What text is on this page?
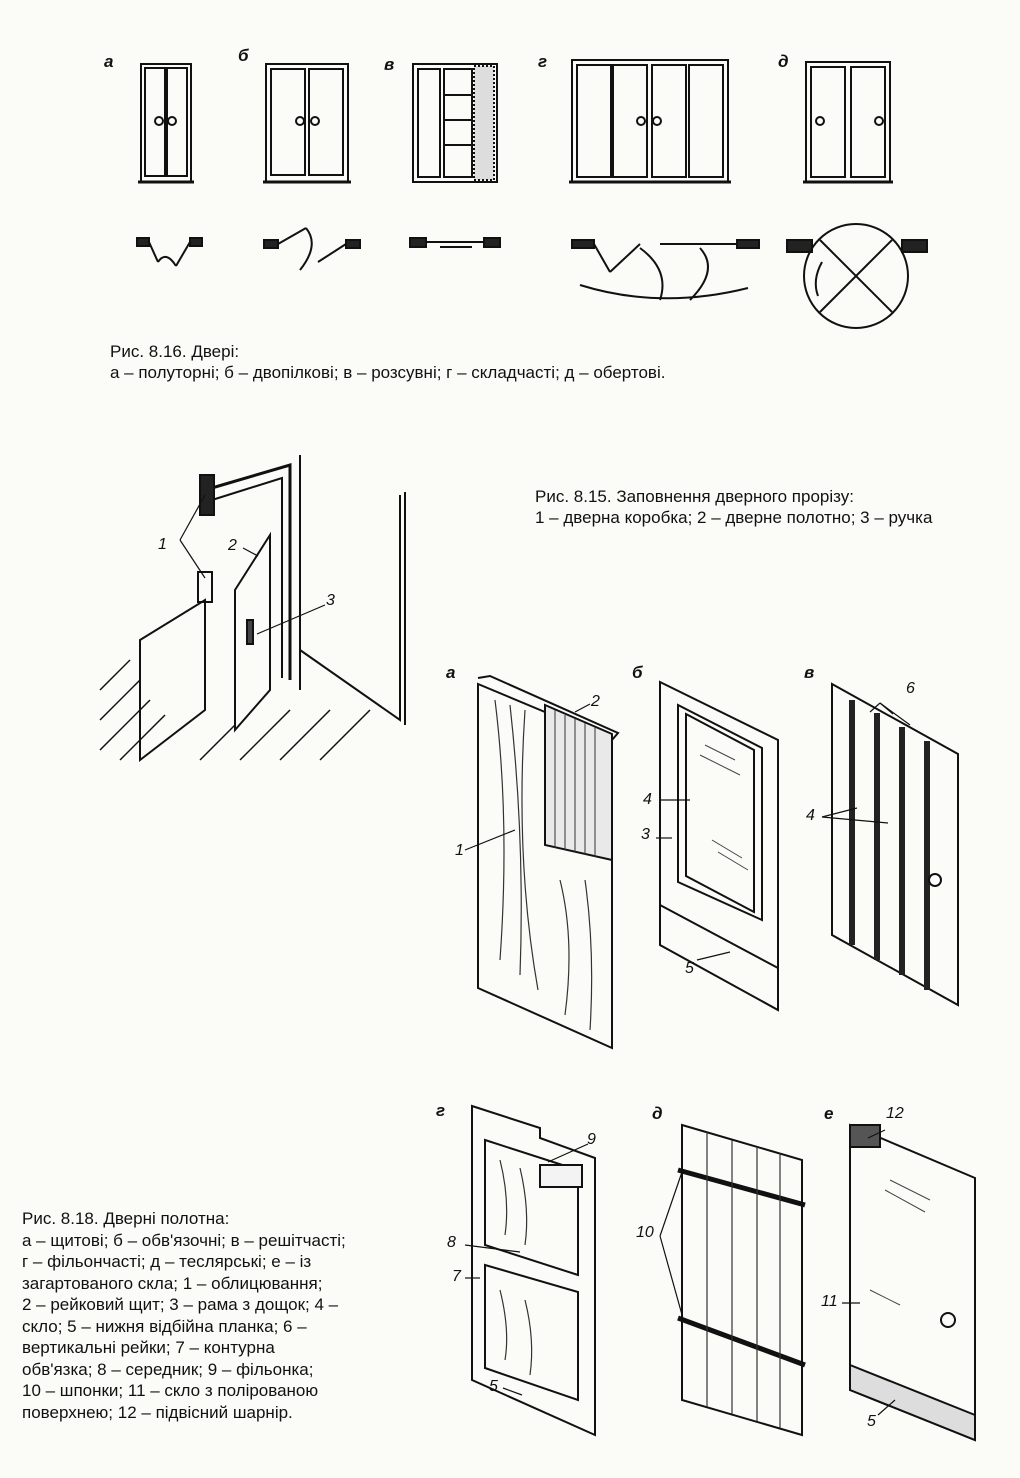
а	б	в	г	д
Рис. 8.16. Двері:
а – полуторні; б – двопілкові; в – розсувні; г – складчасті; д – обертові.
1	2
3
Рис. 8.15. Заповнення дверного прорізу:
1 – дверна коробка; 2 – дверне полотно; 3 – ручка
а	б	в
г	д	е
1
2
3
4
5
4
6
5
7
8
9
10
5
11
12
Рис. 8.18. Дверні полотна:
а – щитові; б – обв'язочні; в – решітчасті;
г – фільончасті; д – теслярські; е – із
загартованого скла; 1 – облицювання;
2 – рейковий щит; 3 – рама з дощок; 4 –
скло; 5 – нижня відбійна планка; 6 –
вертикальні рейки; 7 – контурна
обв'язка; 8 – середник; 9 – фільонка;
10 – шпонки; 11 – скло з полірованою
поверхнею; 12 – підвісний шарнір.
